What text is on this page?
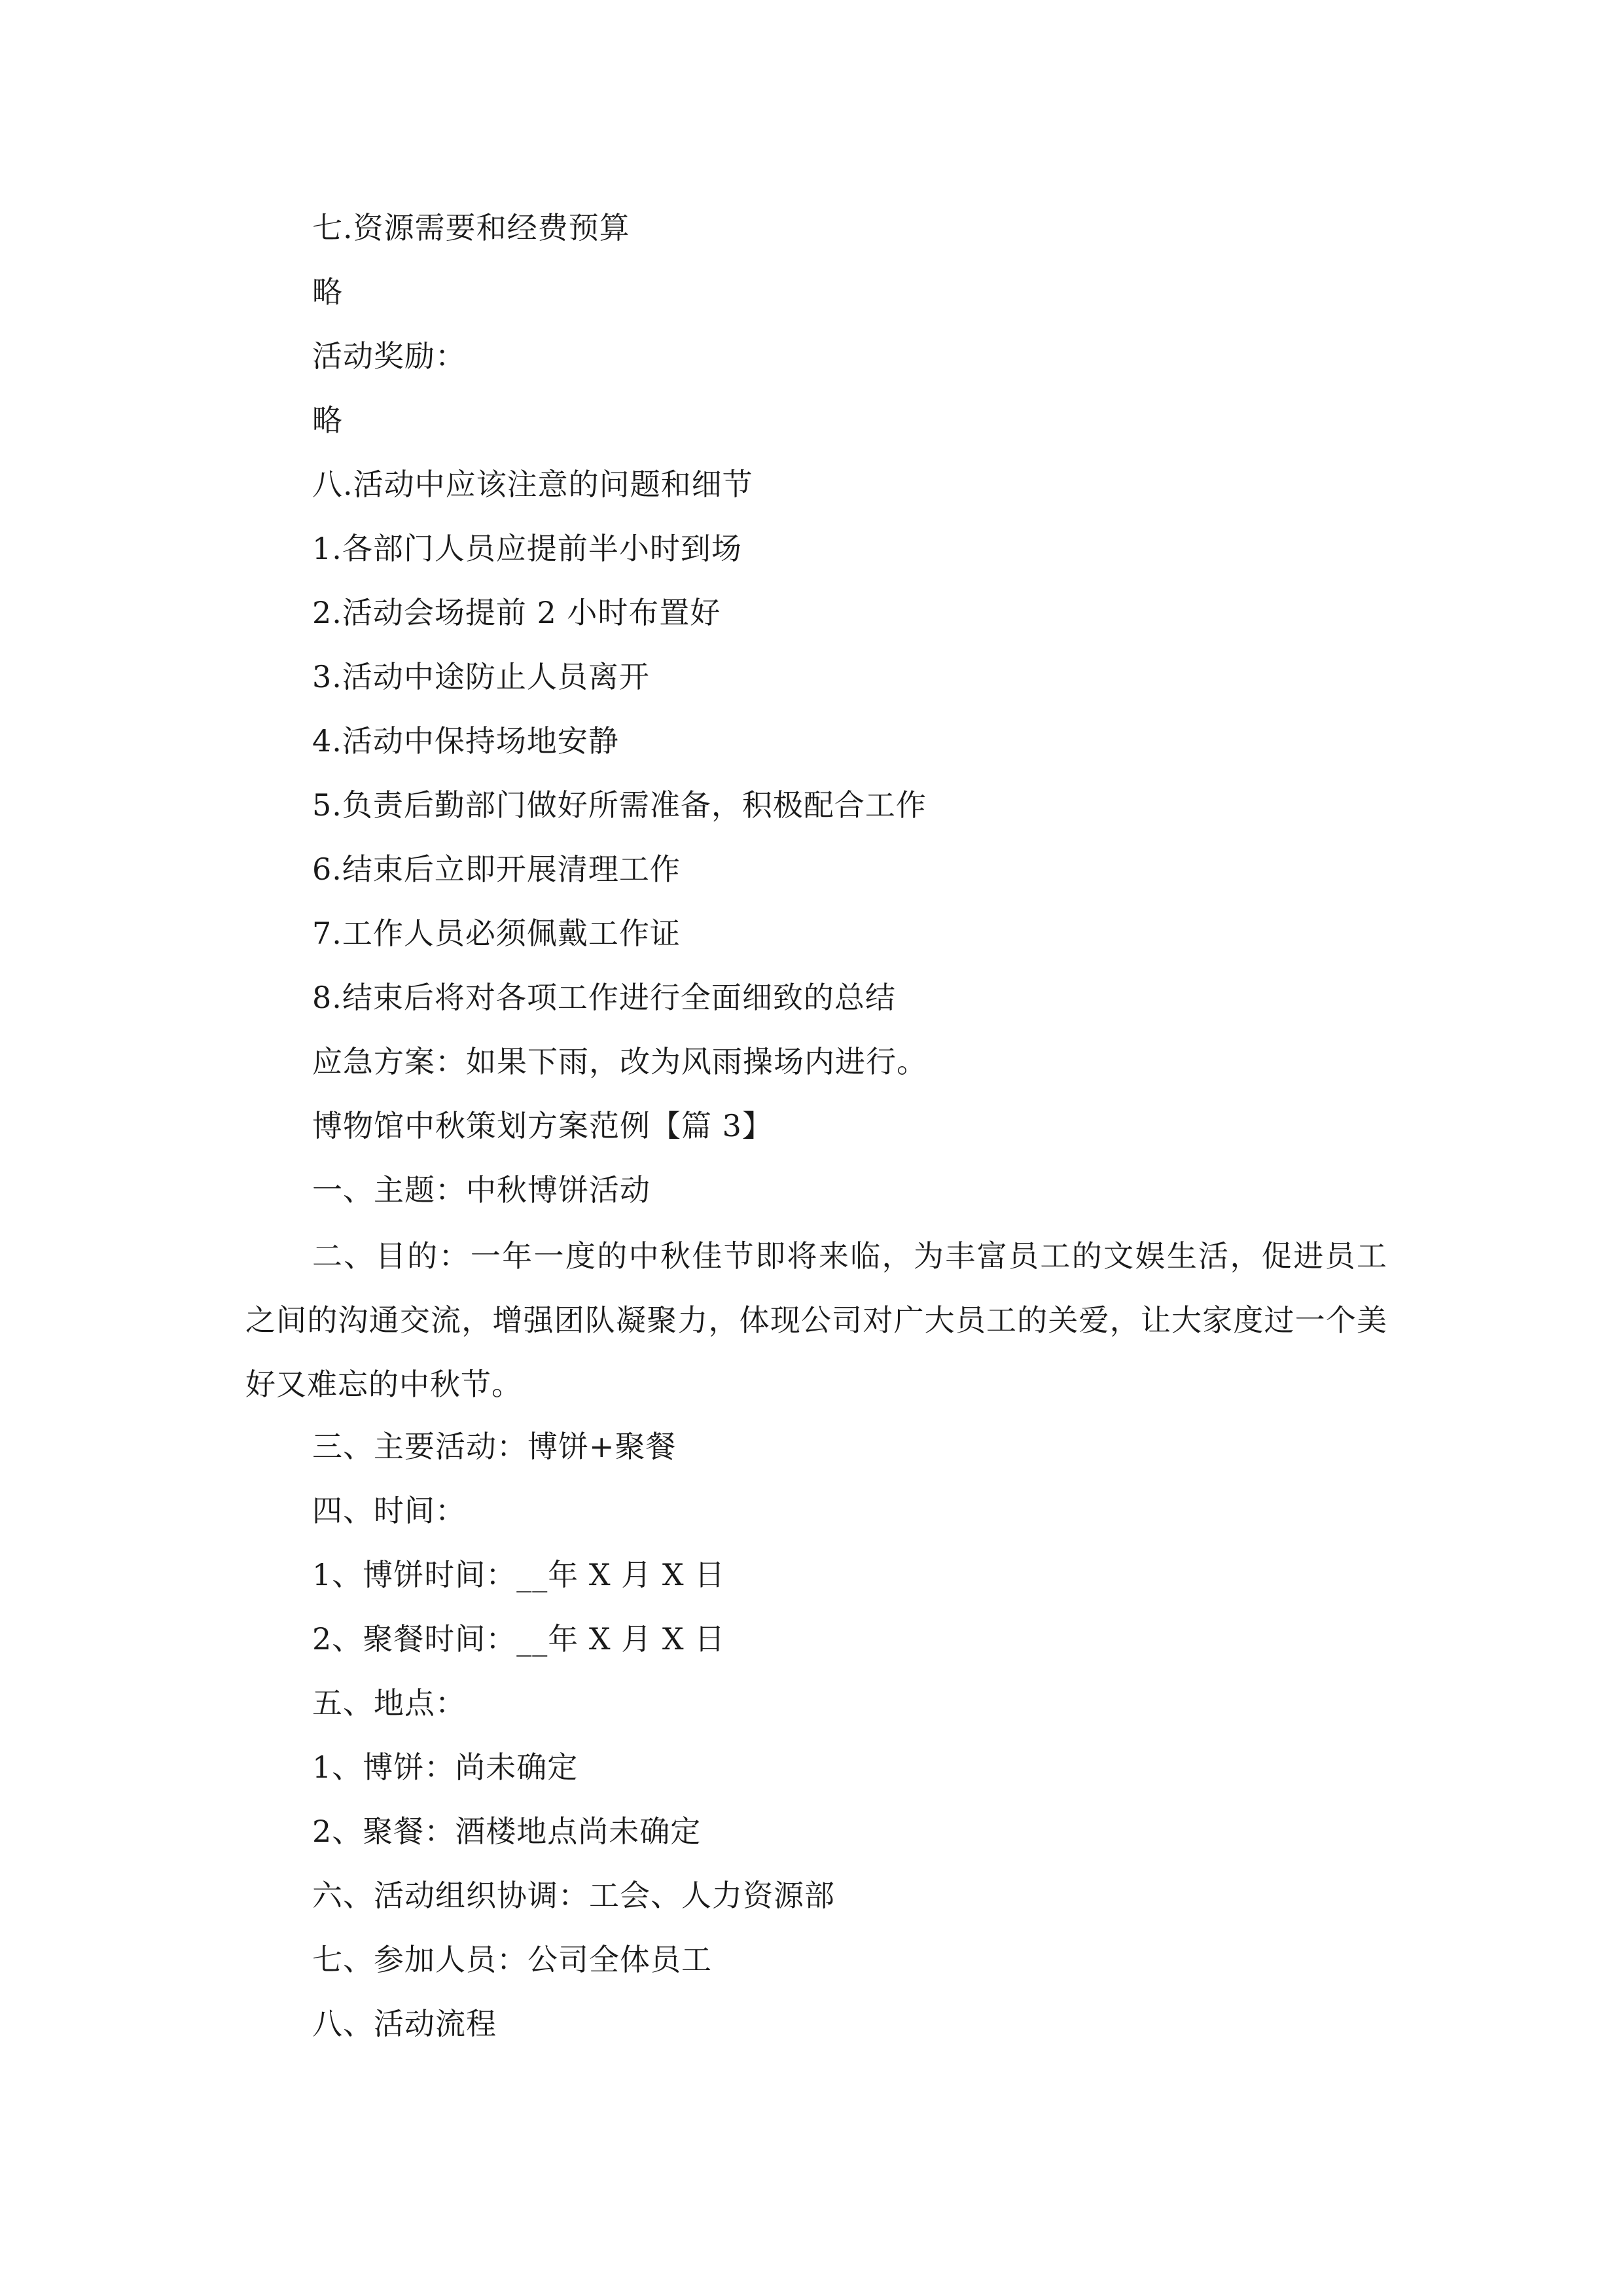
七.资源需要和经费预算
略
活动奖励：
略
八.活动中应该注意的问题和细节
1.各部门人员应提前半小时到场
2.活动会场提前 2 小时布置好
3.活动中途防止人员离开
4.活动中保持场地安静
5.负责后勤部门做好所需准备，积极配合工作
6.结束后立即开展清理工作
7.工作人员必须佩戴工作证
8.结束后将对各项工作进行全面细致的总结
应急方案：如果下雨，改为风雨操场内进行。
博物馆中秋策划方案范例【篇 3】
一、主题：中秋博饼活动
二、目的：一年一度的中秋佳节即将来临，为丰富员工的文娱生活，促进员工之间的沟通交流，增强团队凝聚力，体现公司对广大员工的关爱，让大家度过一个美好又难忘的中秋节。
三、主要活动：博饼+聚餐
四、时间：
1、博饼时间：__年 X 月 X 日
2、聚餐时间：__年 X 月 X 日
五、地点：
1、博饼：尚未确定
2、聚餐：酒楼地点尚未确定
六、活动组织协调：工会、人力资源部
七、参加人员：公司全体员工
八、活动流程
